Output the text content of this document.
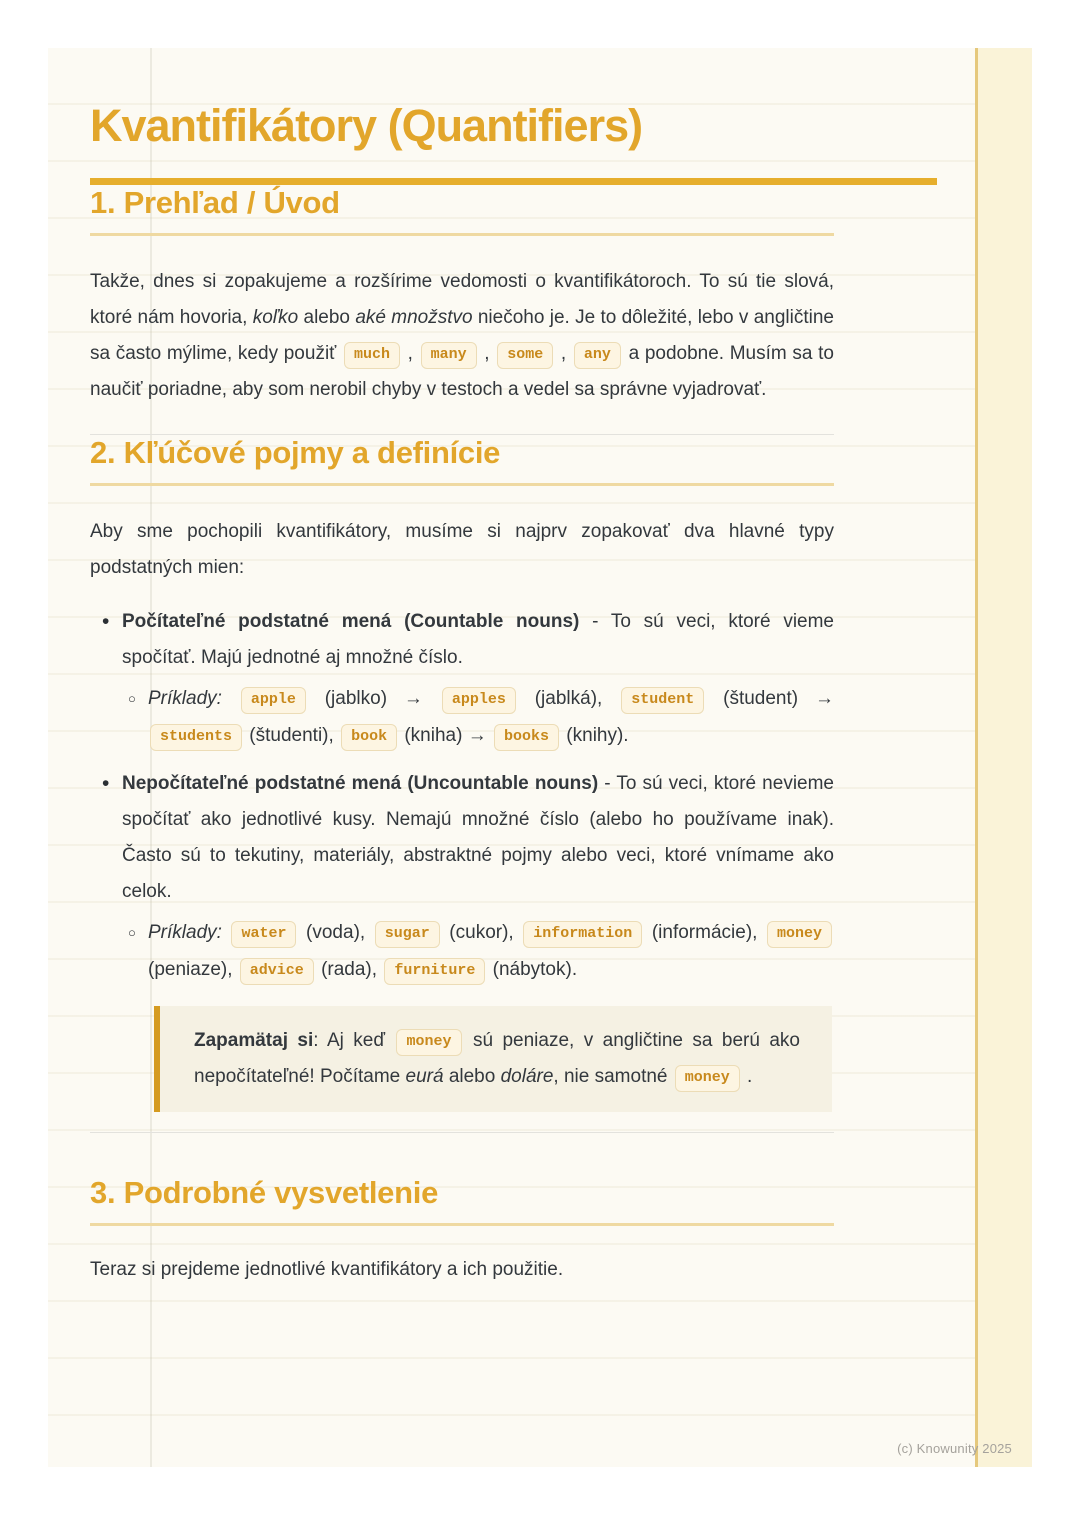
Kvantifikátory (Quantifiers)
1. Prehľad / Úvod

Takže, dnes si zopakujeme a rozšírime vedomosti o kvantifikátoroch. To sú tie slová, ktoré nám hovoria, koľko alebo aké množstvo niečoho je. Je to dôležité, lebo v angličtine sa často mýlime, kedy použiť much , many , some , any a podobne. Musím sa to naučiť poriadne, aby som nerobil chyby v testoch a vedel sa správne vyjadrovať.

2. Kľúčové pojmy a definície

Aby sme pochopili kvantifikátory, musíme si najprv zopakovať dva hlavné typy podstatných mien:

• Počítateľné podstatné mená (Countable nouns) - To sú veci, ktoré vieme spočítať. Majú jednotné aj množné číslo.
○ Príklady: apple (jablko) → apples (jablká), student (študent) → students (študenti), book (kniha) → books (knihy).
• Nepočítateľné podstatné mená (Uncountable nouns) - To sú veci, ktoré nevieme spočítať ako jednotlivé kusy. Nemajú množné číslo (alebo ho používame inak). Často sú to tekutiny, materiály, abstraktné pojmy alebo veci, ktoré vnímame ako celok.
○ Príklady: water (voda), sugar (cukor), information (informácie), money (peniaze), advice (rada), furniture (nábytok).
Zapamätaj si: Aj keď money sú peniaze, v angličtine sa berú ako nepočítateľné! Počítame eurá alebo doláre, nie samotné money .
3. Podrobné vysvetlenie

Teraz si prejdeme jednotlivé kvantifikátory a ich použitie.

(c) Knowunity 2025
